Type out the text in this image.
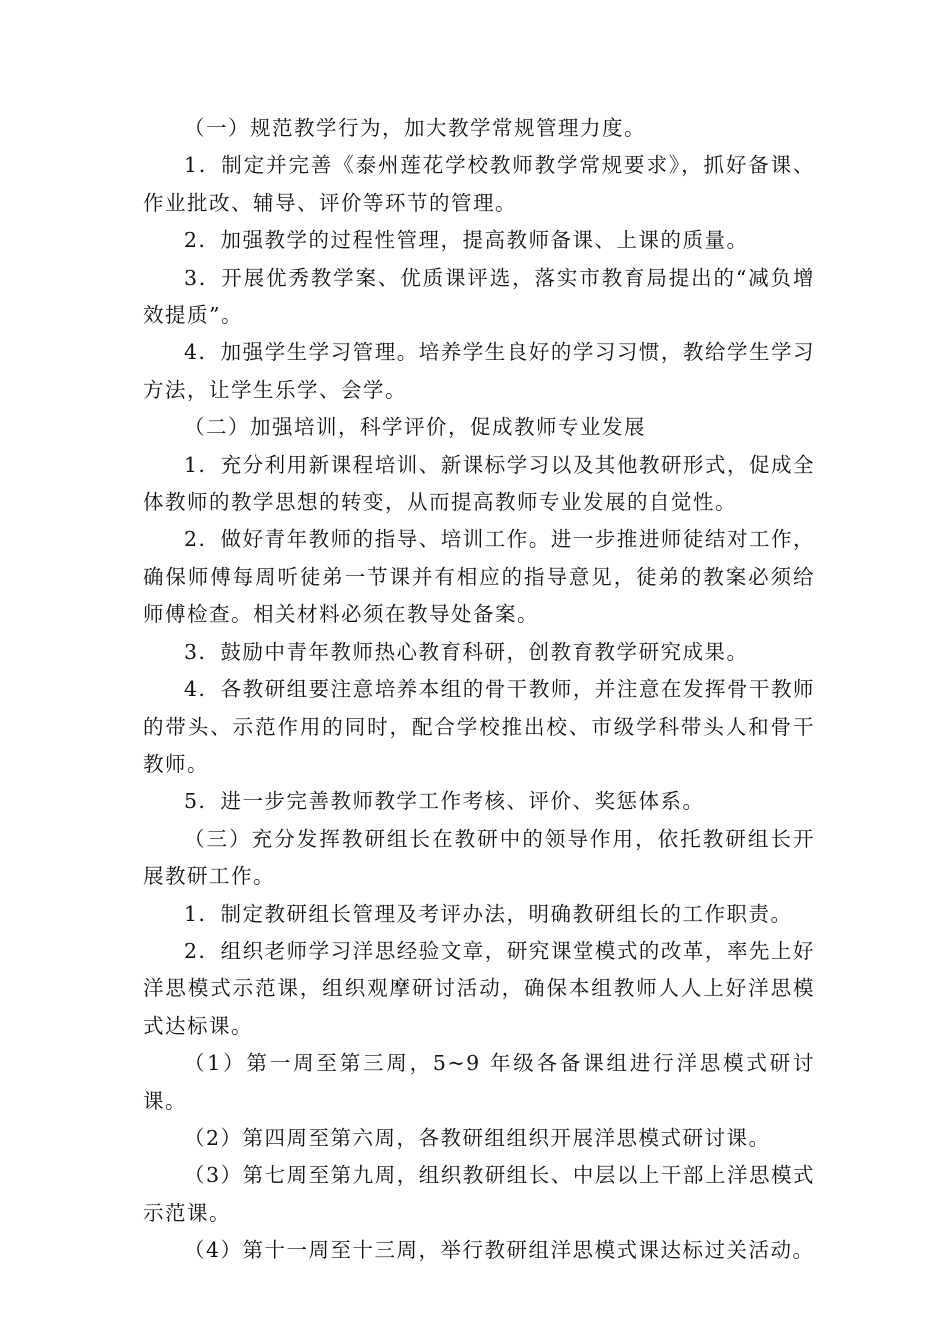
（一）规范教学行为，加大教学常规管理力度。

1．制定并完善《泰州莲花学校教师教学常规要求》，抓好备课、作业批改、辅导、评价等环节的管理。

2．加强教学的过程性管理，提高教师备课、上课的质量。

3．开展优秀教学案、优质课评选，落实市教育局提出的“减负增效提质”。

4．加强学生学习管理。培养学生良好的学习习惯，教给学生学习方法，让学生乐学、会学。

（二）加强培训，科学评价，促成教师专业发展

1．充分利用新课程培训、新课标学习以及其他教研形式，促成全体教师的教学思想的转变，从而提高教师专业发展的自觉性。

2．做好青年教师的指导、培训工作。进一步推进师徒结对工作，确保师傅每周听徒弟一节课并有相应的指导意见，徒弟的教案必须给师傅检查。相关材料必须在教导处备案。

3．鼓励中青年教师热心教育科研，创教育教学研究成果。

4．各教研组要注意培养本组的骨干教师，并注意在发挥骨干教师的带头、示范作用的同时，配合学校推出校、市级学科带头人和骨干教师。

5．进一步完善教师教学工作考核、评价、奖惩体系。

（三）充分发挥教研组长在教研中的领导作用，依托教研组长开展教研工作。

1．制定教研组长管理及考评办法，明确教研组长的工作职责。

2．组织老师学习洋思经验文章，研究课堂模式的改革，率先上好洋思模式示范课，组织观摩研讨活动，确保本组教师人人上好洋思模式达标课。

（1）第一周至第三周，5~9 年级各备课组进行洋思模式研讨课。

（2）第四周至第六周，各教研组组织开展洋思模式研讨课。

（3）第七周至第九周，组织教研组长、中层以上干部上洋思模式示范课。

（4）第十一周至十三周，举行教研组洋思模式课达标过关活动。
